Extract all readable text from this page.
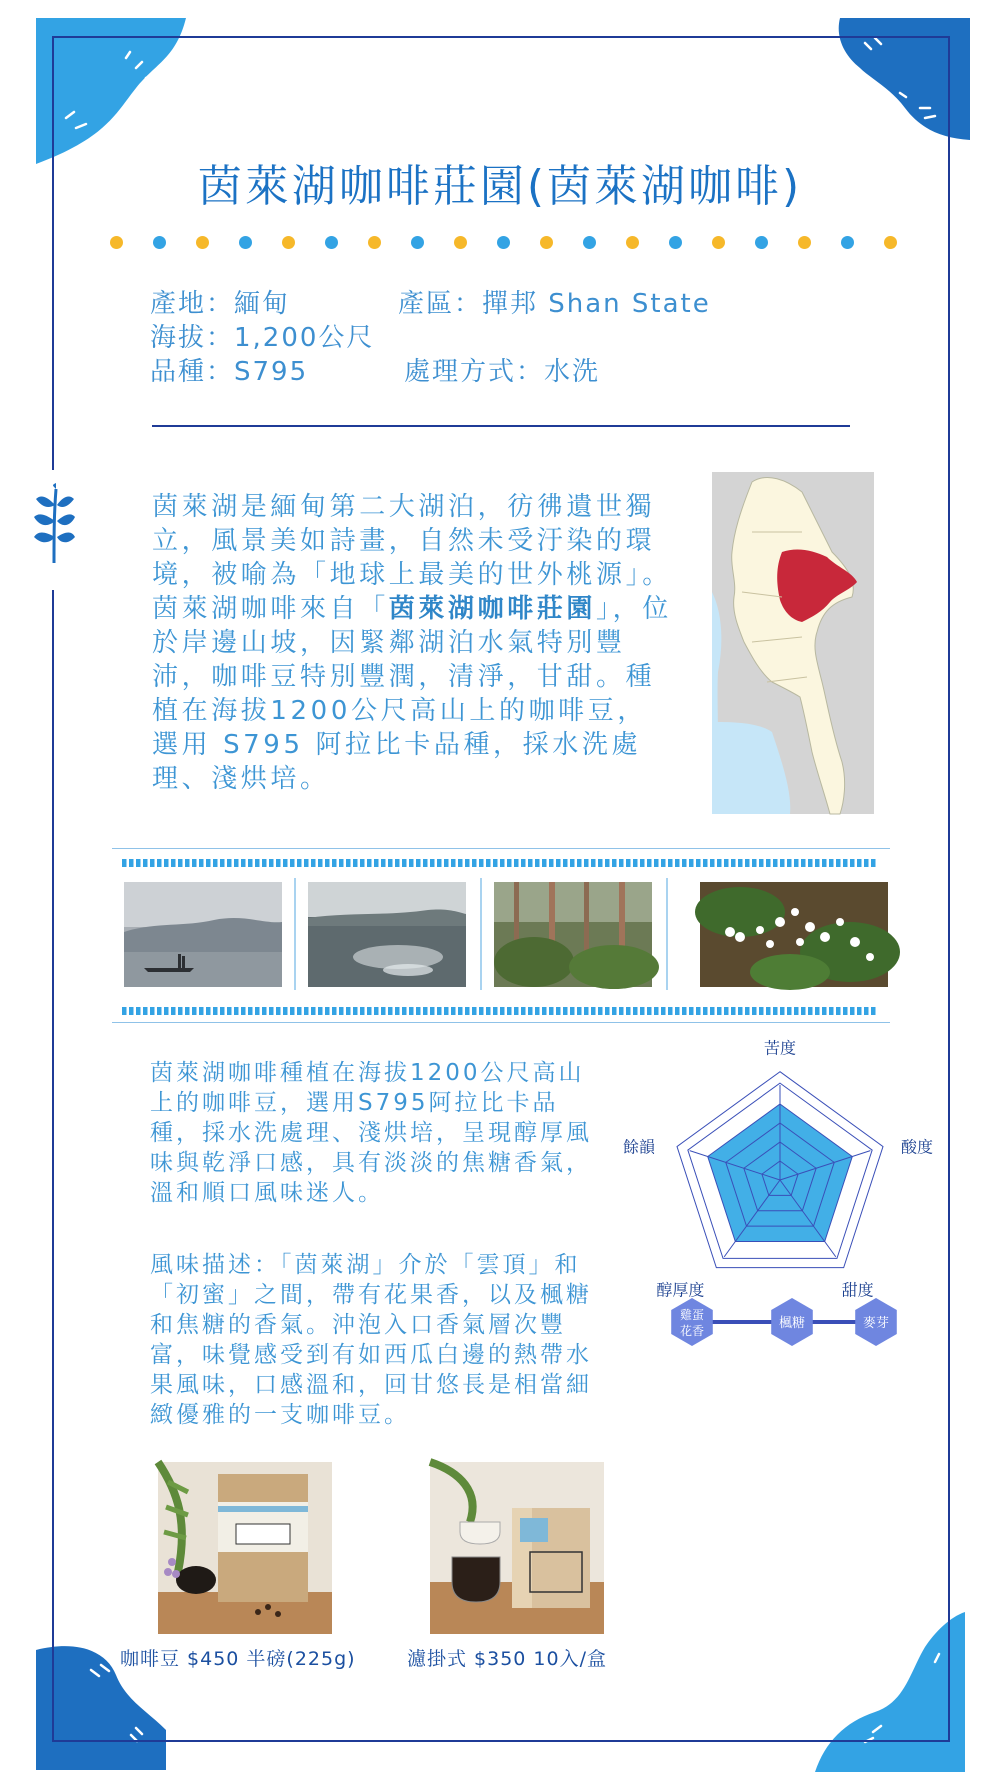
茵萊湖咖啡莊園(茵萊湖咖啡)
產地：緬甸	產區：撣邦 Shan State
海拔：1,200公尺
品種：S795	處理方式：水洗

茵萊湖是緬甸第二大湖泊，彷彿遺世獨立，風景美如詩畫，自然未受汙染的環境，被喻為「地球上最美的世外桃源」。茵萊湖咖啡來自「茵萊湖咖啡莊園」，位於岸邊山坡，因緊鄰湖泊水氣特別豐沛，咖啡豆特別豐潤，清淨，甘甜。種植在海拔1200公尺高山上的咖啡豆，選用 S795 阿拉比卡品種，採水洗處理、淺烘培。

茵萊湖咖啡種植在海拔1200公尺高山上的咖啡豆，選用S795阿拉比卡品種，採水洗處理、淺烘培，呈現醇厚風味與乾淨口感，具有淡淡的焦糖香氣，溫和順口風味迷人。

風味描述：「茵萊湖」介於「雲頂」和「初蜜」之間，帶有花果香，以及楓糖和焦糖的香氣。沖泡入口香氣層次豐富，味覺感受到有如西瓜白邊的熱帶水果風味，口感溫和，回甘悠長是相當細緻優雅的一支咖啡豆。

苦度
酸度
甜度
醇厚度
餘韻
雞蛋
花香	楓糖	麥芽
咖啡豆 $450 半磅(225g)	濾掛式 $350 10入/盒
